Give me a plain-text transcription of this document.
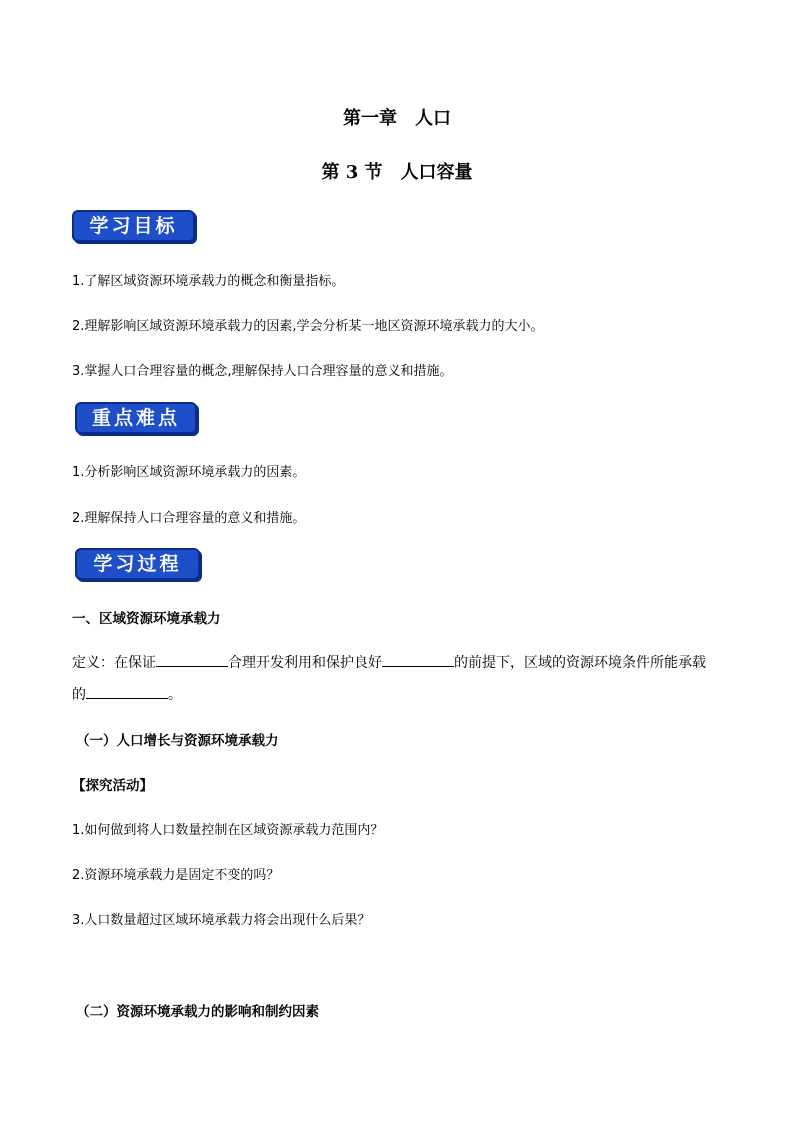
第一章　人口
第 3 节　人口容量
学习目标
1.了解区域资源环境承载力的概念和衡量指标。
2.理解影响区域资源环境承载力的因素,学会分析某一地区资源环境承载力的大小。
3.掌握人口合理容量的概念,理解保持人口合理容量的意义和措施。
重点难点
1.分析影响区域资源环境承载力的因素。
2.理解保持人口合理容量的意义和措施。
学习过程
一、区域资源环境承载力
定义：在保证	合理开发利用和保护良好	的前提下，区域的资源环境条件所能承载
的	。
（一）人口增长与资源环境承载力
【探究活动】
1.如何做到将人口数量控制在区域资源承载力范围内？
2.资源环境承载力是固定不变的吗？
3.人口数量超过区域环境承载力将会出现什么后果？
（二）资源环境承载力的影响和制约因素
